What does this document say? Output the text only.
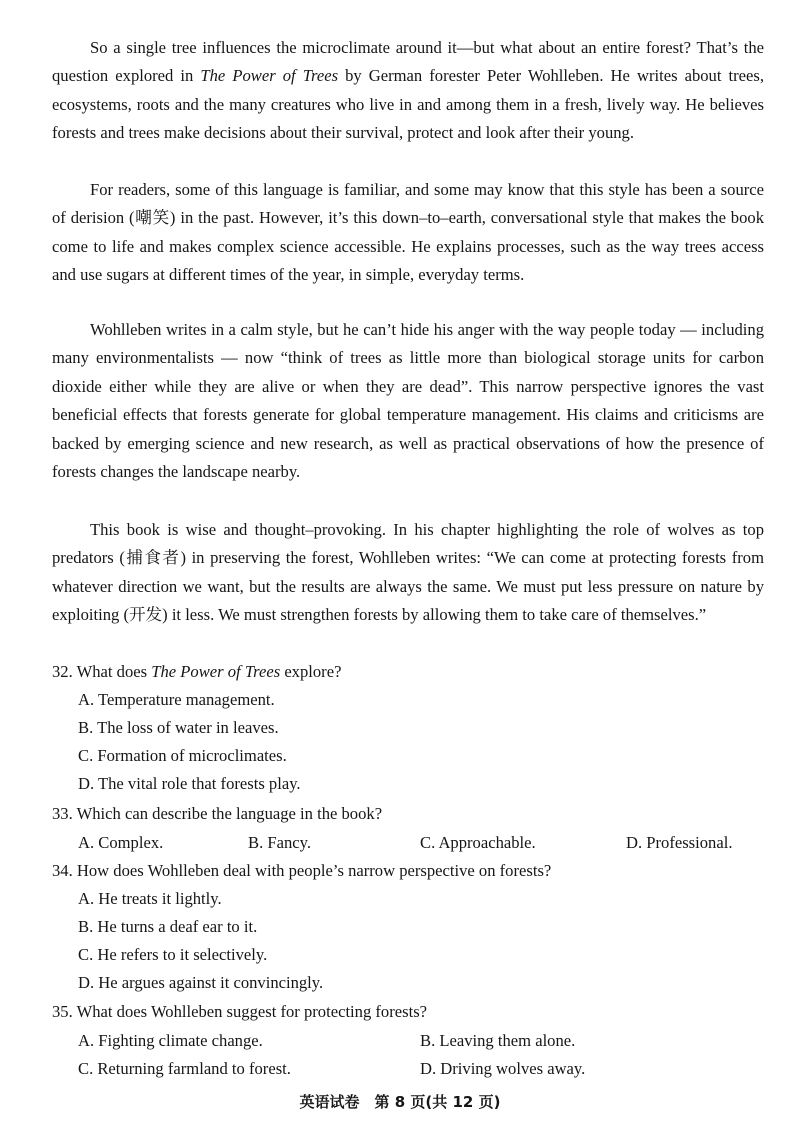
So a single tree influences the microclimate around it—but what about an entire forest? That’s the question explored in The Power of Trees by German forester Peter Wohlleben. He writes about trees, ecosystems, roots and the many creatures who live in and among them in a fresh, lively way. He believes forests and trees make decisions about their survival, protect and look after their young.

For readers, some of this language is familiar, and some may know that this style has been a source of derision (嘲笑) in the past. However, it’s this down–to–earth, conversational style that makes the book come to life and makes complex science accessible. He explains processes, such as the way trees access and use sugars at different times of the year, in simple, everyday terms.

Wohlleben writes in a calm style, but he can’t hide his anger with the way people today — including many environmentalists — now “think of trees as little more than biological storage units for carbon dioxide either while they are alive or when they are dead”. This narrow perspective ignores the vast beneficial effects that forests generate for global temperature management. His claims and criticisms are backed by emerging science and new research, as well as practical observations of how the presence of forests changes the landscape nearby.

This book is wise and thought–provoking. In his chapter highlighting the role of wolves as top predators (捕食者) in preserving the forest, Wohlleben writes: “We can come at protecting forests from whatever direction we want, but the results are always the same. We must put less pressure on nature by exploiting (开发) it less. We must strengthen forests by allowing them to take care of themselves.”

32. What does The Power of Trees explore?

A. Temperature management.

B. The loss of water in leaves.

C. Formation of microclimates.

D. The vital role that forests play.

33. Which can describe the language in the book?

A. Complex.	B. Fancy.	C. Approachable.	D. Professional.

34. How does Wohlleben deal with people’s narrow perspective on forests?

A. He treats it lightly.

B. He turns a deaf ear to it.

C. He refers to it selectively.

D. He argues against it convincingly.

35. What does Wohlleben suggest for protecting forests?

A. Fighting climate change.	B. Leaving them alone.
C. Returning farmland to forest.	D. Driving wolves away.
英语试卷　第 8 页(共 12 页)
